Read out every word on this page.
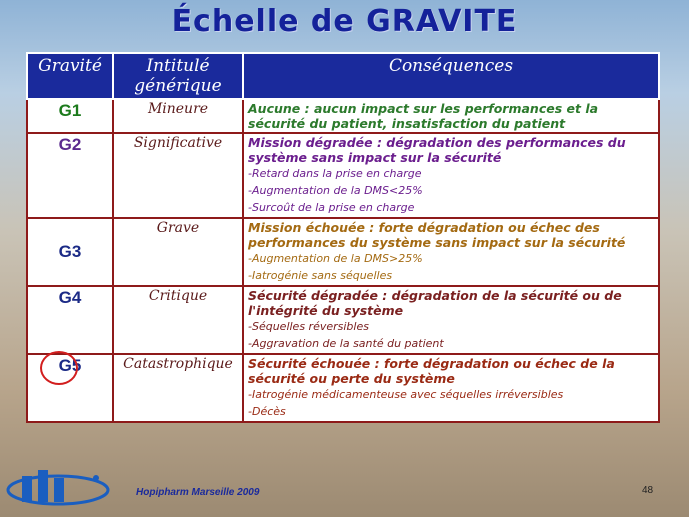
Échelle de GRAVITE
Gravité	Intitulé générique	Conséquences
G1	Mineure	Aucune : aucun impact sur les performances et la sécurité du patient, insatisfaction du patient

G2	Significative	Mission dégradée : dégradation des performances du système sans impact sur la sécurité

-Retard dans la prise en charge

-Augmentation de la DMS<25%

-Surcoût de la prise en charge

G3	Grave	Mission échouée : forte dégradation ou échec des performances du système sans impact sur la sécurité

-Augmentation de la DMS>25%

-Iatrogénie sans séquelles

G4	Critique	Sécurité dégradée : dégradation de la sécurité ou de l'intégrité du système

-Séquelles réversibles

-Aggravation de la santé du patient

G5	Catastrophique	Sécurité échouée : forte dégradation ou échec de la sécurité ou perte du système

-Iatrogénie médicamenteuse avec séquelles irréversibles

-Décès

Hopipharm Marseille 2009	48
